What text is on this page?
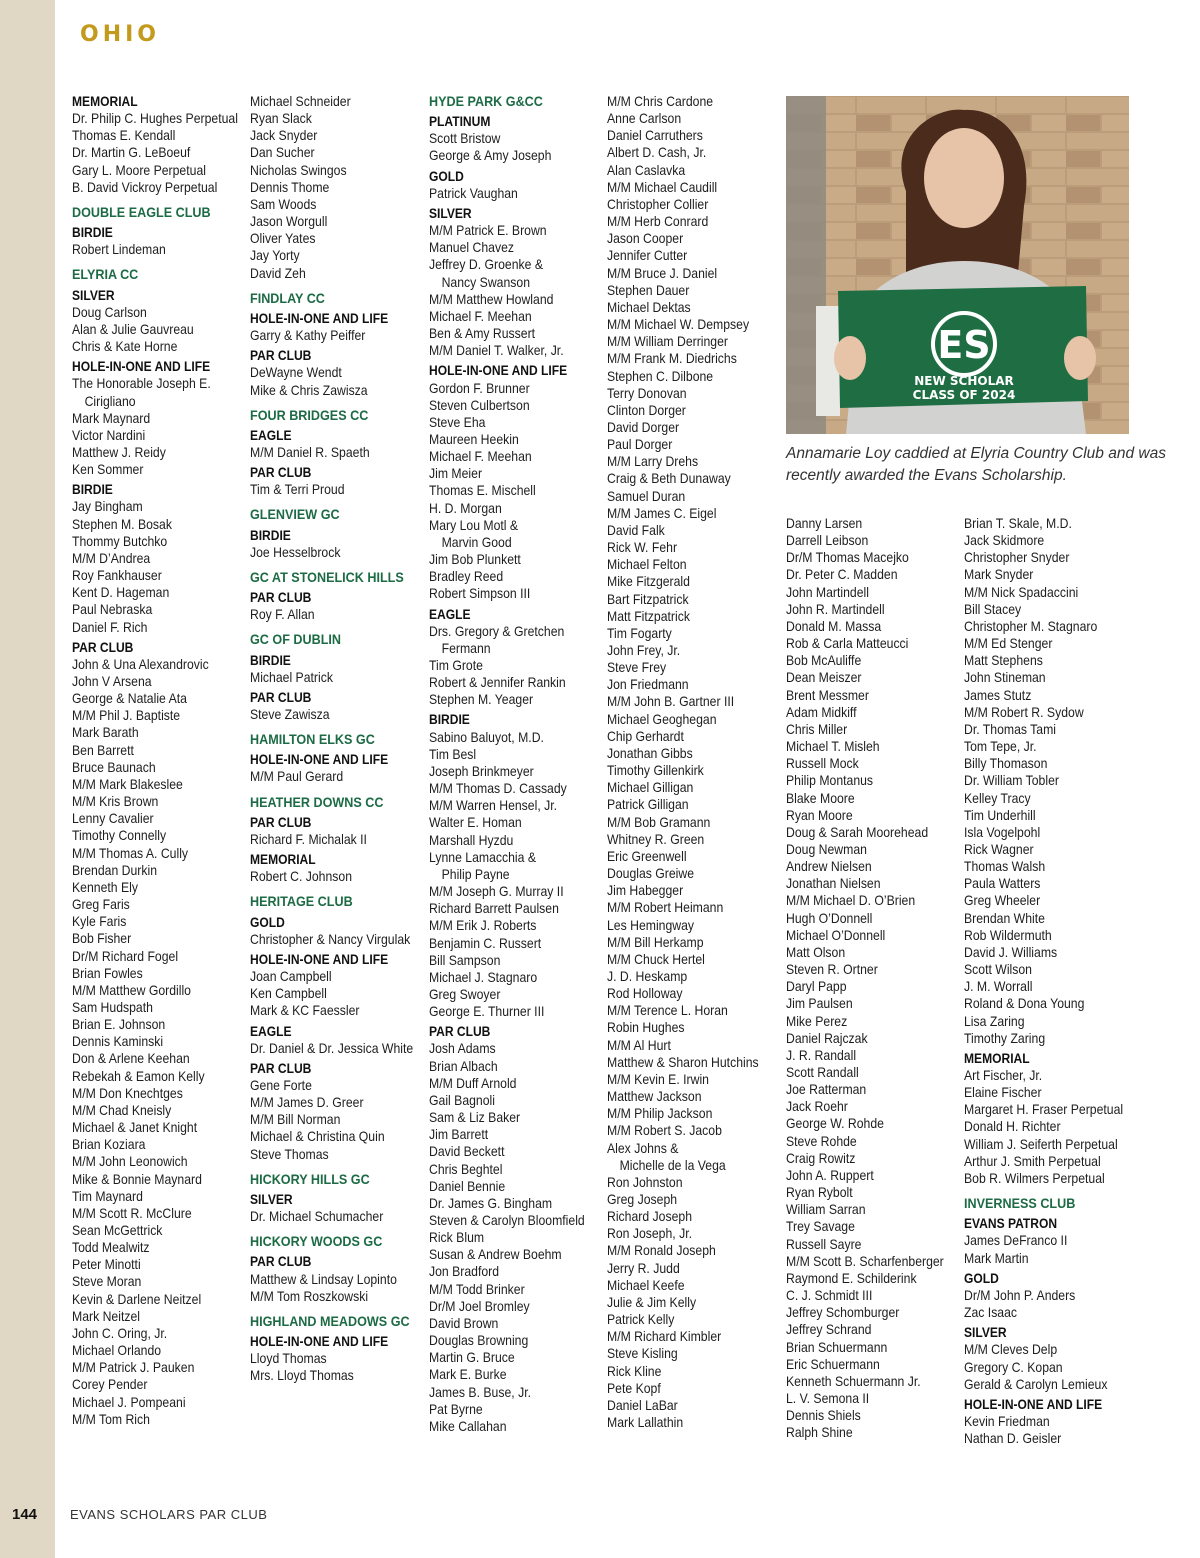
OHIO
MEMORIAL
Dr. Philip C. Hughes Perpetual
Thomas E. Kendall
Dr. Martin G. LeBoeuf
Gary L. Moore Perpetual
B. David Vickroy Perpetual
DOUBLE EAGLE CLUB
BIRDIE
Robert Lindeman
ELYRIA CC
SILVER
Doug Carlson
Alan & Julie Gauvreau
Chris & Kate Horne
HOLE-IN-ONE AND LIFE
The Honorable Joseph E.
Cirigliano
Mark Maynard
Victor Nardini
Matthew J. Reidy
Ken Sommer
BIRDIE
Jay Bingham
Stephen M. Bosak
Thommy Butchko
M/M D’Andrea
Roy Fankhauser
Kent D. Hageman
Paul Nebraska
Daniel F. Rich
PAR CLUB
John & Una Alexandrovic
John V Arsena
George & Natalie Ata
M/M Phil J. Baptiste
Mark Barath
Ben Barrett
Bruce Baunach
M/M Mark Blakeslee
M/M Kris Brown
Lenny Cavalier
Timothy Connelly
M/M Thomas A. Cully
Brendan Durkin
Kenneth Ely
Greg Faris
Kyle Faris
Bob Fisher
Dr/M Richard Fogel
Brian Fowles
M/M Matthew Gordillo
Sam Hudspath
Brian E. Johnson
Dennis Kaminski
Don & Arlene Keehan
Rebekah & Eamon Kelly
M/M Don Knechtges
M/M Chad Kneisly
Michael & Janet Knight
Brian Koziara
M/M John Leonowich
Mike & Bonnie Maynard
Tim Maynard
M/M Scott R. McClure
Sean McGettrick
Todd Mealwitz
Peter Minotti
Steve Moran
Kevin & Darlene Neitzel
Mark Neitzel
John C. Oring, Jr.
Michael Orlando
M/M Patrick J. Pauken
Corey Pender
Michael J. Pompeani
M/M Tom Rich
Michael Schneider
Ryan Slack
Jack Snyder
Dan Sucher
Nicholas Swingos
Dennis Thome
Sam Woods
Jason Worgull
Oliver Yates
Jay Yorty
David Zeh
FINDLAY CC
HOLE-IN-ONE AND LIFE
Garry & Kathy Peiffer
PAR CLUB
DeWayne Wendt
Mike & Chris Zawisza
FOUR BRIDGES CC
EAGLE
M/M Daniel R. Spaeth
PAR CLUB
Tim & Terri Proud
GLENVIEW GC
BIRDIE
Joe Hesselbrock
GC AT STONELICK HILLS
PAR CLUB
Roy F. Allan
GC OF DUBLIN
BIRDIE
Michael Patrick
PAR CLUB
Steve Zawisza
HAMILTON ELKS GC
HOLE-IN-ONE AND LIFE
M/M Paul Gerard
HEATHER DOWNS CC
PAR CLUB
Richard F. Michalak II
MEMORIAL
Robert C. Johnson
HERITAGE CLUB
GOLD
Christopher & Nancy Virgulak
HOLE-IN-ONE AND LIFE
Joan Campbell
Ken Campbell
Mark & KC Faessler
EAGLE
Dr. Daniel & Dr. Jessica White
PAR CLUB
Gene Forte
M/M James D. Greer
M/M Bill Norman
Michael & Christina Quin
Steve Thomas
HICKORY HILLS GC
SILVER
Dr. Michael Schumacher
HICKORY WOODS GC
PAR CLUB
Matthew & Lindsay Lopinto
M/M Tom Roszkowski
HIGHLAND MEADOWS GC
HOLE-IN-ONE AND LIFE
Lloyd Thomas
Mrs. Lloyd Thomas
HYDE PARK G&CC
PLATINUM
Scott Bristow
George & Amy Joseph
GOLD
Patrick Vaughan
SILVER
M/M Patrick E. Brown
Manuel Chavez
Jeffrey D. Groenke &
Nancy Swanson
M/M Matthew Howland
Michael F. Meehan
Ben & Amy Russert
M/M Daniel T. Walker, Jr.
HOLE-IN-ONE AND LIFE
Gordon F. Brunner
Steven Culbertson
Steve Eha
Maureen Heekin
Michael F. Meehan
Jim Meier
Thomas E. Mischell
H. D. Morgan
Mary Lou Motl &
Marvin Good
Jim Bob Plunkett
Bradley Reed
Robert Simpson III
EAGLE
Drs. Gregory & Gretchen
Fermann
Tim Grote
Robert & Jennifer Rankin
Stephen M. Yeager
BIRDIE
Sabino Baluyot, M.D.
Tim Besl
Joseph Brinkmeyer
M/M Thomas D. Cassady
M/M Warren Hensel, Jr.
Walter E. Homan
Marshall Hyzdu
Lynne Lamacchia &
Philip Payne
M/M Joseph G. Murray II
Richard Barrett Paulsen
M/M Erik J. Roberts
Benjamin C. Russert
Bill Sampson
Michael J. Stagnaro
Greg Swoyer
George E. Thurner III
PAR CLUB
Josh Adams
Brian Albach
M/M Duff Arnold
Gail Bagnoli
Sam & Liz Baker
Jim Barrett
David Beckett
Chris Beghtel
Daniel Bennie
Dr. James G. Bingham
Steven & Carolyn Bloomfield
Rick Blum
Susan & Andrew Boehm
Jon Bradford
M/M Todd Brinker
Dr/M Joel Bromley
David Brown
Douglas Browning
Martin G. Bruce
Mark E. Burke
James B. Buse, Jr.
Pat Byrne
Mike Callahan
M/M Chris Cardone
Anne Carlson
Daniel Carruthers
Albert D. Cash, Jr.
Alan Caslavka
M/M Michael Caudill
Christopher Collier
M/M Herb Conrard
Jason Cooper
Jennifer Cutter
M/M Bruce J. Daniel
Stephen Dauer
Michael Dektas
M/M Michael W. Dempsey
M/M William Derringer
M/M Frank M. Diedrichs
Stephen C. Dilbone
Terry Donovan
Clinton Dorger
David Dorger
Paul Dorger
M/M Larry Drehs
Craig & Beth Dunaway
Samuel Duran
M/M James C. Eigel
David Falk
Rick W. Fehr
Michael Felton
Mike Fitzgerald
Bart Fitzpatrick
Matt Fitzpatrick
Tim Fogarty
John Frey, Jr.
Steve Frey
Jon Friedmann
M/M John B. Gartner III
Michael Geoghegan
Chip Gerhardt
Jonathan Gibbs
Timothy Gillenkirk
Michael Gilligan
Patrick Gilligan
M/M Bob Gramann
Whitney R. Green
Eric Greenwell
Douglas Greiwe
Jim Habegger
M/M Robert Heimann
Les Hemingway
M/M Bill Herkamp
M/M Chuck Hertel
J. D. Heskamp
Rod Holloway
M/M Terence L. Horan
Robin Hughes
M/M Al Hurt
Matthew & Sharon Hutchins
M/M Kevin E. Irwin
Matthew Jackson
M/M Philip Jackson
M/M Robert S. Jacob
Alex Johns &
Michelle de la Vega
Ron Johnston
Greg Joseph
Richard Joseph
Ron Joseph, Jr.
M/M Ronald Joseph
Jerry R. Judd
Michael Keefe
Julie & Jim Kelly
Patrick Kelly
M/M Richard Kimbler
Steve Kisling
Rick Kline
Pete Kopf
Daniel LaBar
Mark Lallathin
Danny Larsen
Darrell Leibson
Dr/M Thomas Macejko
Dr. Peter C. Madden
John Martindell
John R. Martindell
Donald M. Massa
Rob & Carla Matteucci
Bob McAuliffe
Dean Meiszer
Brent Messmer
Adam Midkiff
Chris Miller
Michael T. Misleh
Russell Mock
Philip Montanus
Blake Moore
Ryan Moore
Doug & Sarah Moorehead
Doug Newman
Andrew Nielsen
Jonathan Nielsen
M/M Michael D. O’Brien
Hugh O’Donnell
Michael O’Donnell
Matt Olson
Steven R. Ortner
Daryl Papp
Jim Paulsen
Mike Perez
Daniel Rajczak
J. R. Randall
Scott Randall
Joe Ratterman
Jack Roehr
George W. Rohde
Steve Rohde
Craig Rowitz
John A. Ruppert
Ryan Rybolt
William Sarran
Trey Savage
Russell Sayre
M/M Scott B. Scharfenberger
Raymond E. Schilderink
C. J. Schmidt III
Jeffrey Schomburger
Jeffrey Schrand
Brian Schuermann
Eric Schuermann
Kenneth Schuermann Jr.
L. V. Semona II
Dennis Shiels
Ralph Shine
Brian T. Skale, M.D.
Jack Skidmore
Christopher Snyder
Mark Snyder
M/M Nick Spadaccini
Bill Stacey
Christopher M. Stagnaro
M/M Ed Stenger
Matt Stephens
John Stineman
James Stutz
M/M Robert R. Sydow
Dr. Thomas Tami
Tom Tepe, Jr.
Billy Thomason
Dr. William Tobler
Kelley Tracy
Tim Underhill
Isla Vogelpohl
Rick Wagner
Thomas Walsh
Paula Watters
Greg Wheeler
Brendan White
Rob Wildermuth
David J. Williams
Scott Wilson
J. M. Worrall
Roland & Dona Young
Lisa Zaring
Timothy Zaring
MEMORIAL
Art Fischer, Jr.
Elaine Fischer
Margaret H. Fraser Perpetual
Donald H. Richter
William J. Seiferth Perpetual
Arthur J. Smith Perpetual
Bob R. Wilmers Perpetual
INVERNESS CLUB
EVANS PATRON
James DeFranco II
Mark Martin
GOLD
Dr/M John P. Anders
Zac Isaac
SILVER
M/M Cleves Delp
Gregory C. Kopan
Gerald & Carolyn Lemieux
HOLE-IN-ONE AND LIFE
Kevin Friedman
Nathan D. Geisler
ES
NEW SCHOLAR
CLASS OF 2024
Annamarie Loy caddied at Elyria Country Club and was recently awarded the Evans Scholarship.
144	EVANS SCHOLARS PAR CLUB
